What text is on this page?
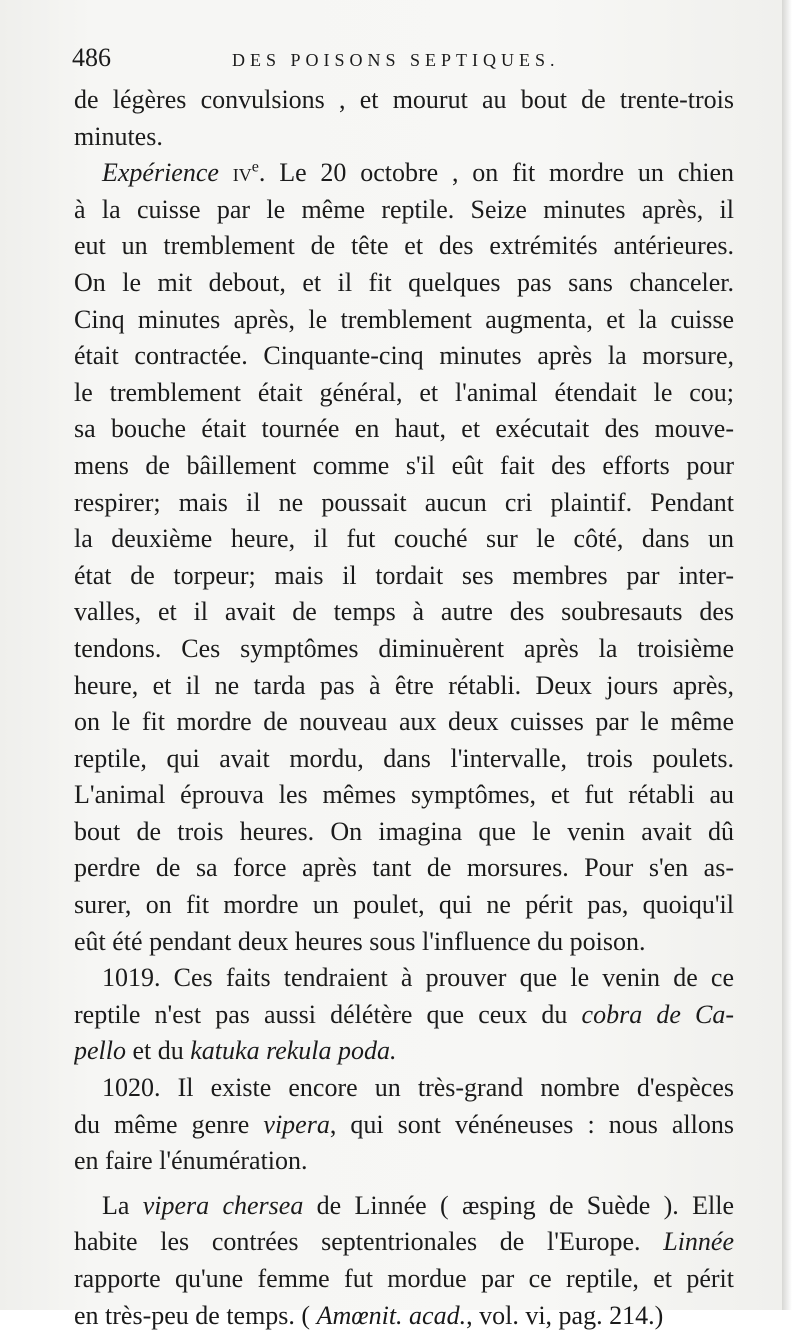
486	DES POISONS SEPTIQUES.
de légères convulsions , et mourut au bout de trente-trois
minutes.
Expérience $iv^e$. Le 20 octobre , on fit mordre un chien
à la cuisse par le même reptile. Seize minutes après, il
eut un tremblement de tête et des extrémités antérieures.
On le mit debout, et il fit quelques pas sans chanceler.
Cinq minutes après, le tremblement augmenta, et la cuisse
était contractée. Cinquante-cinq minutes après la morsure,
le tremblement était général, et l'animal étendait le cou;
sa bouche était tournée en haut, et exécutait des mouve-
mens de bâillement comme s'il eût fait des efforts pour
respirer; mais il ne poussait aucun cri plaintif. Pendant
la deuxième heure, il fut couché sur le côté, dans un
état de torpeur; mais il tordait ses membres par inter-
valles, et il avait de temps à autre des soubresauts des
tendons. Ces symptômes diminuèrent après la troisième
heure, et il ne tarda pas à être rétabli. Deux jours après,
on le fit mordre de nouveau aux deux cuisses par le même
reptile, qui avait mordu, dans l'intervalle, trois poulets.
L'animal éprouva les mêmes symptômes, et fut rétabli au
bout de trois heures. On imagina que le venin avait dû
perdre de sa force après tant de morsures. Pour s'en as-
surer, on fit mordre un poulet, qui ne périt pas, quoiqu'il
eût été pendant deux heures sous l'influence du poison.
1019. Ces faits tendraient à prouver que le venin de ce
reptile n'est pas aussi délétère que ceux du cobra de Ca-
pello et du katuka rekula poda.
1020. Il existe encore un très-grand nombre d'espèces
du même genre vipera, qui sont vénéneuses : nous allons
en faire l'énumération.
La vipera chersea de Linnée ( æsping de Suède ). Elle
habite les contrées septentrionales de l'Europe. Linnée
rapporte qu'une femme fut mordue par ce reptile, et périt
en très-peu de temps. ( Amœnit. acad., vol. vi, pag. 214.)
